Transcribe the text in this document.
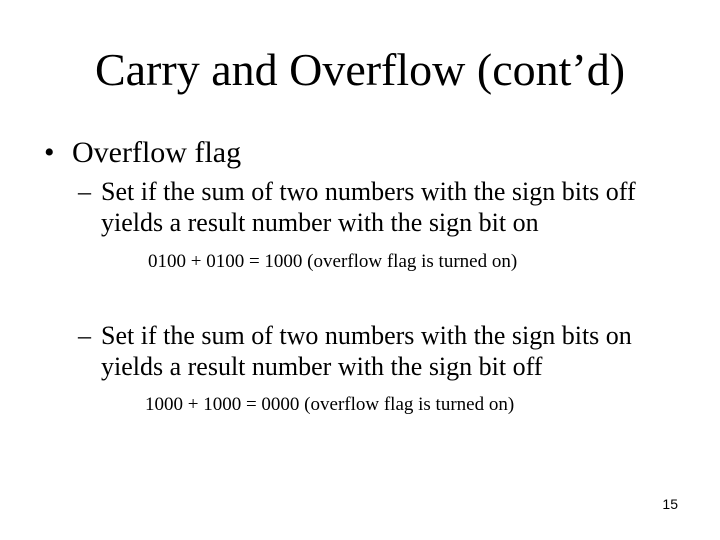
Carry and Overflow (cont’d)
• Overflow flag
– Set if the sum of two numbers with the sign bits off
yields a result number with the sign bit on
0100 + 0100 = 1000 (overflow flag is turned on)
– Set if the sum of two numbers with the sign bits on
yields a result number with the sign bit off
1000 + 1000 = 0000 (overflow flag is turned on)
15
